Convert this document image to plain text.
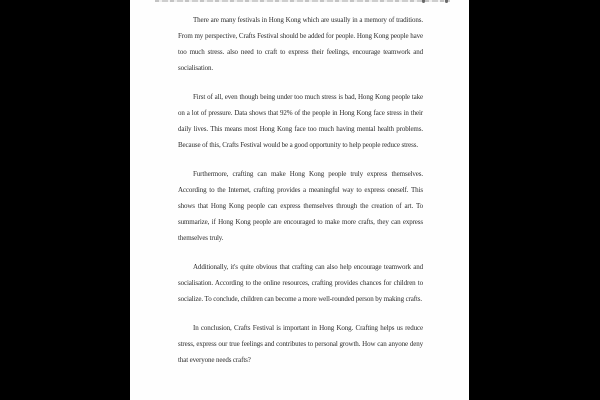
There are many festivals in Hong Kong which are usually in a memory of traditions. From my perspective, Crafts Festival should be added for people. Hong Kong people have too much stress. also need to craft to express their feelings, encourage teamwork and socialisation.

First of all, even though being under too much stress is bad, Hong Kong people take on a lot of pressure. Data shows that 92% of the people in Hong Kong face stress in their daily lives. This means most Hong Kong face too much having mental health problems. Because of this, Crafts Festival would be a good opportunity to help people reduce stress.

Furthermore, crafting can make Hong Kong people truly express themselves. According to the Internet, crafting provides a meaningful way to express oneself. This shows that Hong Kong people can express themselves through the creation of art. To summarize, if Hong Kong people are encouraged to make more crafts, they can express themselves truly.

Additionally, it's quite obvious that crafting can also help encourage teamwork and socialisation. According to the online resources, crafting provides chances for children to socialize. To conclude, children can become a more well-rounded person by making crafts.

In conclusion, Crafts Festival is important in Hong Kong. Crafting helps us reduce stress, express our true feelings and contributes to personal growth. How can anyone deny that everyone needs crafts?
